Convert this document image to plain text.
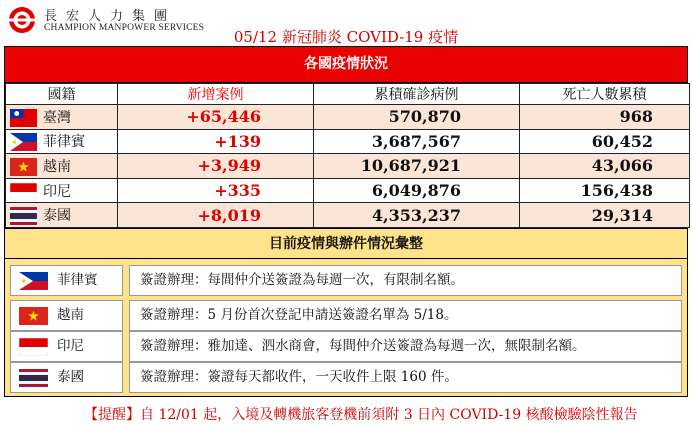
長宏人力集團
CHAMPION MANPOWER SERVICES	05/12 新冠肺炎 COVID-19 疫情
各國疫情狀況
國籍	新增案例	累積確診病例	死亡人數累積
臺灣	+65,446	570,870	968
菲律賓	+139	3,687,567	60,452
越南	+3,949	10,687,921	43,066
印尼	+335	6,049,876	156,438
泰國	+8,019	4,353,237	29,314
目前疫情與辦件情況彙整
菲律賓	簽證辦理：每間仲介送簽證為每週一次，有限制名額。
越南	簽證辦理：5 月份首次登記申請送簽證名單為 5/18。
印尼	簽證辦理：雅加達、泗水商會，每間仲介送簽證為每週一次，無限制名額。
泰國	簽證辦理：簽證每天都收件，一天收件上限 160 件。
【提醒】自 12/01 起，入境及轉機旅客登機前須附 3 日內 COVID-19 核酸檢驗陰性報告
